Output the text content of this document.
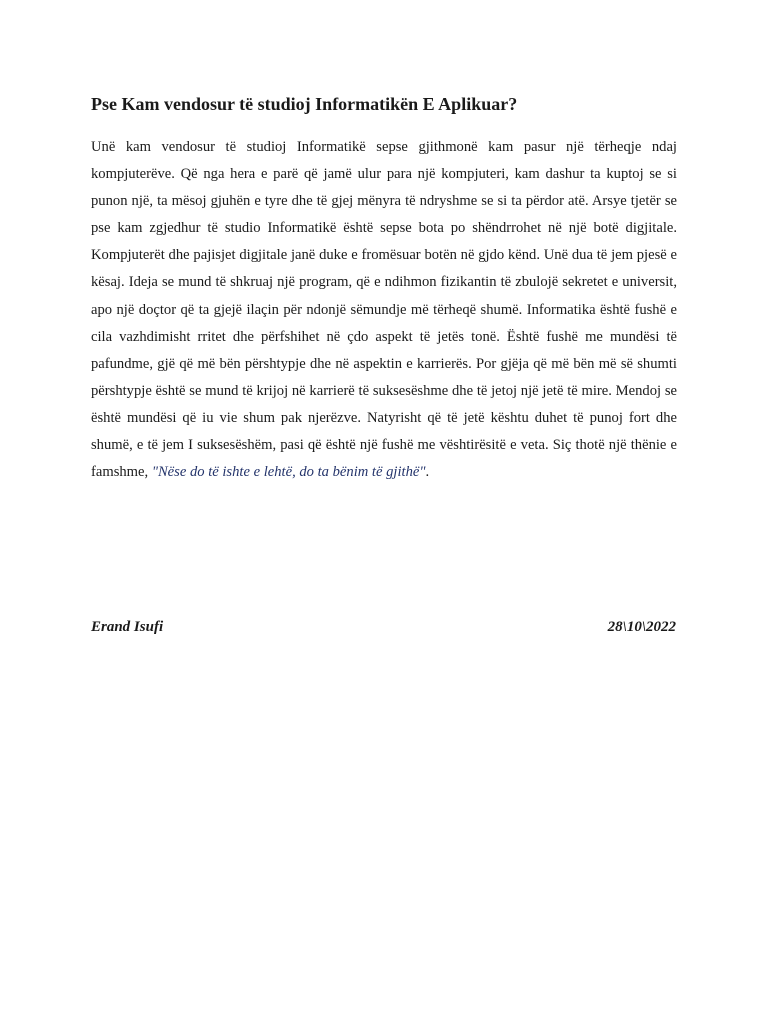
Pse Kam vendosur të studioj Informatikën E Aplikuar?

Unë kam vendosur të studioj Informatikë sepse gjithmonë kam pasur një tërheqje ndaj kompjuterëve. Që nga hera e parë që jamë ulur para një kompjuteri, kam dashur ta kuptoj se si punon një, ta mësoj gjuhën e tyre dhe të gjej mënyra të ndryshme se si ta përdor atë. Arsye tjetër se pse kam zgjedhur të studio Informatikë është sepse bota po shëndrrohet në një botë digjitale. Kompjuterët dhe pajisjet digjitale janë duke e fromësuar botën në gjdo kënd. Unë dua të jem pjesë e kësaj. Ideja se mund të shkruaj një program, që e ndihmon fizikantin të zbulojë sekretet e universit, apo një doçtor që ta gjejë ilaçin për ndonjë sëmundje më tërheqë shumë. Informatika është fushë e cila vazhdimisht rritet dhe përfshihet në çdo aspekt të jetës tonë. Është fushë me mundësi të pafundme, gjë që më bën përshtypje dhe në aspektin e karrierës. Por gjëja që më bën më së shumti përshtypje është se mund të krijoj në karrierë të suksesëshme dhe të jetoj një jetë të mire. Mendoj se është mundësi që iu vie shum pak njerëzve. Natyrisht që të jetë kështu duhet të punoj fort dhe shumë, e të jem I suksesëshëm, pasi që është një fushë me vështirësitë e veta. Siç thotë një thënie e famshme, "Nëse do të ishte e lehtë, do ta bënim të gjithë".

Erand Isufi	28\10\2022
